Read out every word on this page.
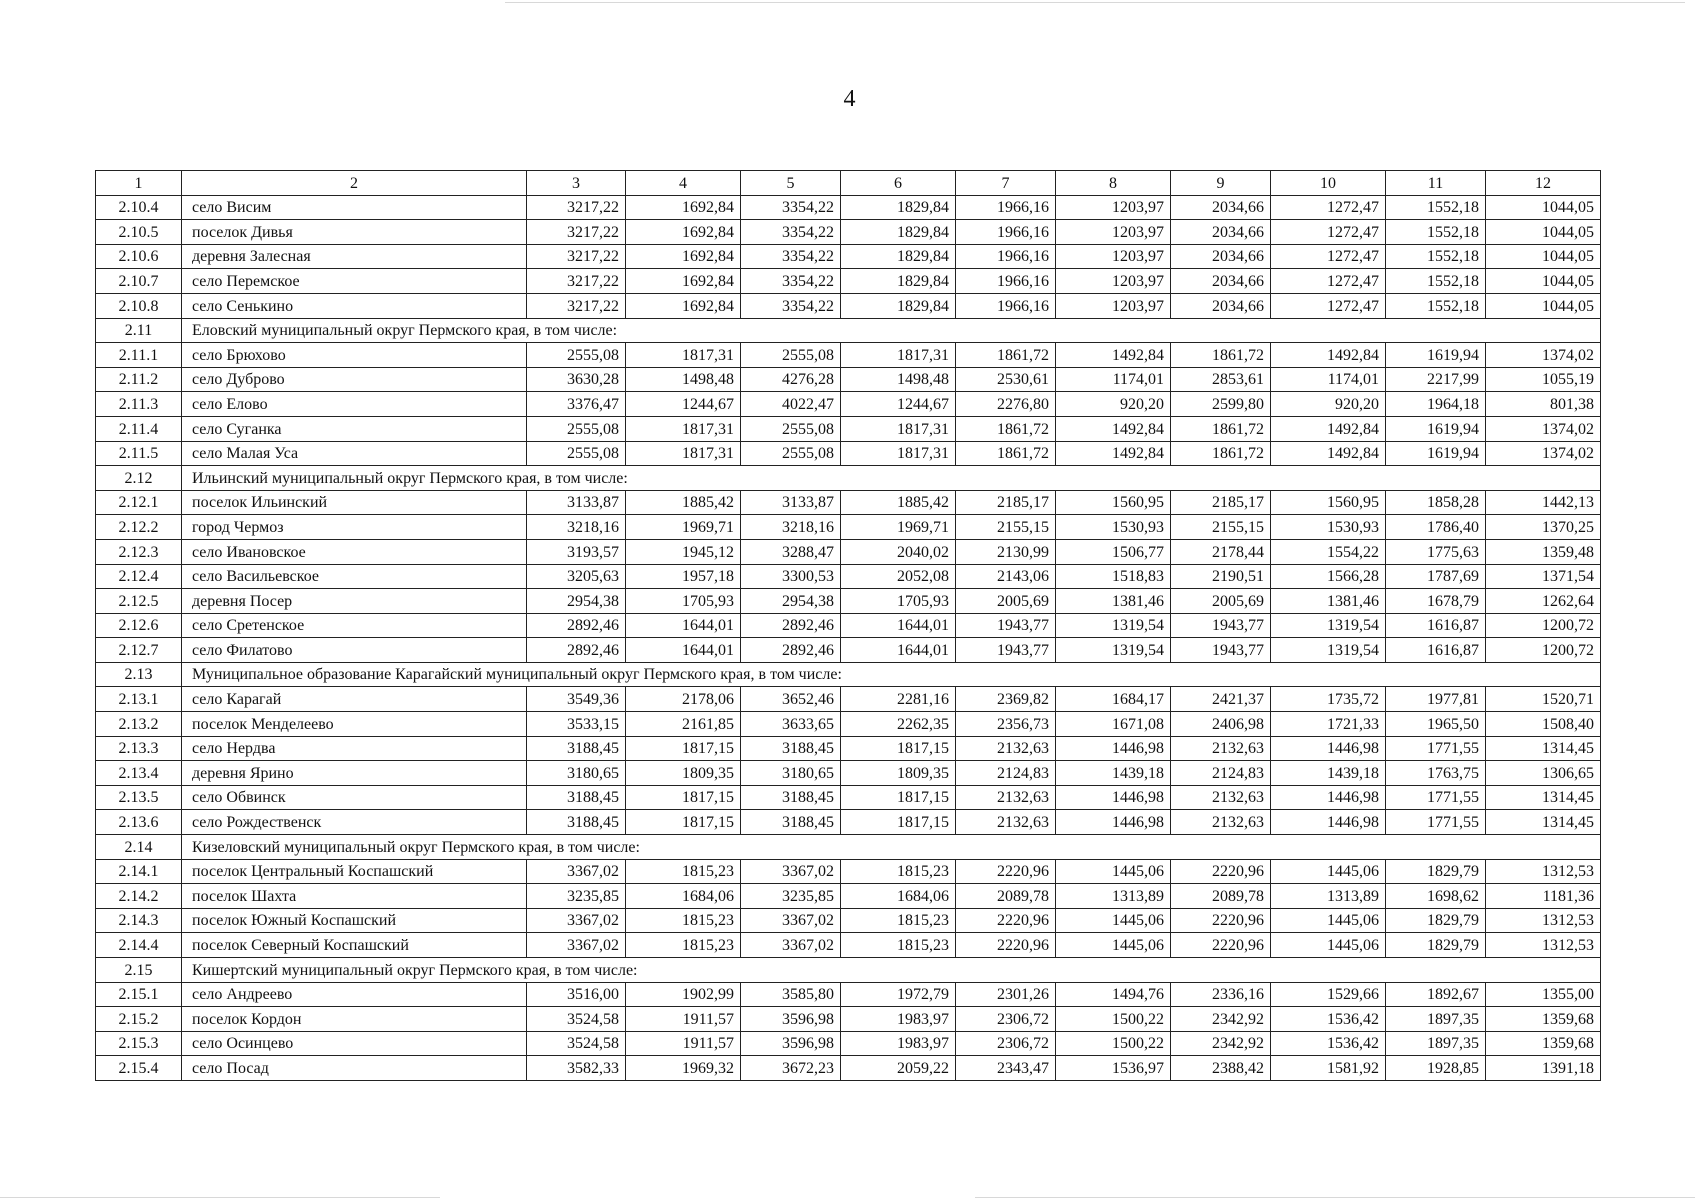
4
1	2	3	4	5	6	7	8	9	10	11	12
2.10.4	село Висим	3217,22	1692,84	3354,22	1829,84	1966,16	1203,97	2034,66	1272,47	1552,18	1044,05
2.10.5	поселок Дивья	3217,22	1692,84	3354,22	1829,84	1966,16	1203,97	2034,66	1272,47	1552,18	1044,05
2.10.6	деревня Залесная	3217,22	1692,84	3354,22	1829,84	1966,16	1203,97	2034,66	1272,47	1552,18	1044,05
2.10.7	село Перемское	3217,22	1692,84	3354,22	1829,84	1966,16	1203,97	2034,66	1272,47	1552,18	1044,05
2.10.8	село Сенькино	3217,22	1692,84	3354,22	1829,84	1966,16	1203,97	2034,66	1272,47	1552,18	1044,05
2.11	Еловский муниципальный округ Пермского края, в том числе:										
2.11.1	село Брюхово	2555,08	1817,31	2555,08	1817,31	1861,72	1492,84	1861,72	1492,84	1619,94	1374,02
2.11.2	село Дуброво	3630,28	1498,48	4276,28	1498,48	2530,61	1174,01	2853,61	1174,01	2217,99	1055,19
2.11.3	село Елово	3376,47	1244,67	4022,47	1244,67	2276,80	920,20	2599,80	920,20	1964,18	801,38
2.11.4	село Суганка	2555,08	1817,31	2555,08	1817,31	1861,72	1492,84	1861,72	1492,84	1619,94	1374,02
2.11.5	село Малая Уса	2555,08	1817,31	2555,08	1817,31	1861,72	1492,84	1861,72	1492,84	1619,94	1374,02
2.12	Ильинский муниципальный округ Пермского края, в том числе:										
2.12.1	поселок Ильинский	3133,87	1885,42	3133,87	1885,42	2185,17	1560,95	2185,17	1560,95	1858,28	1442,13
2.12.2	город Чермоз	3218,16	1969,71	3218,16	1969,71	2155,15	1530,93	2155,15	1530,93	1786,40	1370,25
2.12.3	село Ивановское	3193,57	1945,12	3288,47	2040,02	2130,99	1506,77	2178,44	1554,22	1775,63	1359,48
2.12.4	село Васильевское	3205,63	1957,18	3300,53	2052,08	2143,06	1518,83	2190,51	1566,28	1787,69	1371,54
2.12.5	деревня Посер	2954,38	1705,93	2954,38	1705,93	2005,69	1381,46	2005,69	1381,46	1678,79	1262,64
2.12.6	село Сретенское	2892,46	1644,01	2892,46	1644,01	1943,77	1319,54	1943,77	1319,54	1616,87	1200,72
2.12.7	село Филатово	2892,46	1644,01	2892,46	1644,01	1943,77	1319,54	1943,77	1319,54	1616,87	1200,72
2.13	Муниципальное образование Карагайский муниципальный округ Пермского края, в том числе:										
2.13.1	село Карагай	3549,36	2178,06	3652,46	2281,16	2369,82	1684,17	2421,37	1735,72	1977,81	1520,71
2.13.2	поселок Менделеево	3533,15	2161,85	3633,65	2262,35	2356,73	1671,08	2406,98	1721,33	1965,50	1508,40
2.13.3	село Нердва	3188,45	1817,15	3188,45	1817,15	2132,63	1446,98	2132,63	1446,98	1771,55	1314,45
2.13.4	деревня Ярино	3180,65	1809,35	3180,65	1809,35	2124,83	1439,18	2124,83	1439,18	1763,75	1306,65
2.13.5	село Обвинск	3188,45	1817,15	3188,45	1817,15	2132,63	1446,98	2132,63	1446,98	1771,55	1314,45
2.13.6	село Рождественск	3188,45	1817,15	3188,45	1817,15	2132,63	1446,98	2132,63	1446,98	1771,55	1314,45
2.14	Кизеловский муниципальный округ Пермского края, в том числе:										
2.14.1	поселок Центральный Коспашский	3367,02	1815,23	3367,02	1815,23	2220,96	1445,06	2220,96	1445,06	1829,79	1312,53
2.14.2	поселок Шахта	3235,85	1684,06	3235,85	1684,06	2089,78	1313,89	2089,78	1313,89	1698,62	1181,36
2.14.3	поселок Южный Коспашский	3367,02	1815,23	3367,02	1815,23	2220,96	1445,06	2220,96	1445,06	1829,79	1312,53
2.14.4	поселок Северный Коспашский	3367,02	1815,23	3367,02	1815,23	2220,96	1445,06	2220,96	1445,06	1829,79	1312,53
2.15	Кишертский муниципальный округ Пермского края, в том числе:										
2.15.1	село Андреево	3516,00	1902,99	3585,80	1972,79	2301,26	1494,76	2336,16	1529,66	1892,67	1355,00
2.15.2	поселок Кордон	3524,58	1911,57	3596,98	1983,97	2306,72	1500,22	2342,92	1536,42	1897,35	1359,68
2.15.3	село Осинцево	3524,58	1911,57	3596,98	1983,97	2306,72	1500,22	2342,92	1536,42	1897,35	1359,68
2.15.4	село Посад	3582,33	1969,32	3672,23	2059,22	2343,47	1536,97	2388,42	1581,92	1928,85	1391,18
